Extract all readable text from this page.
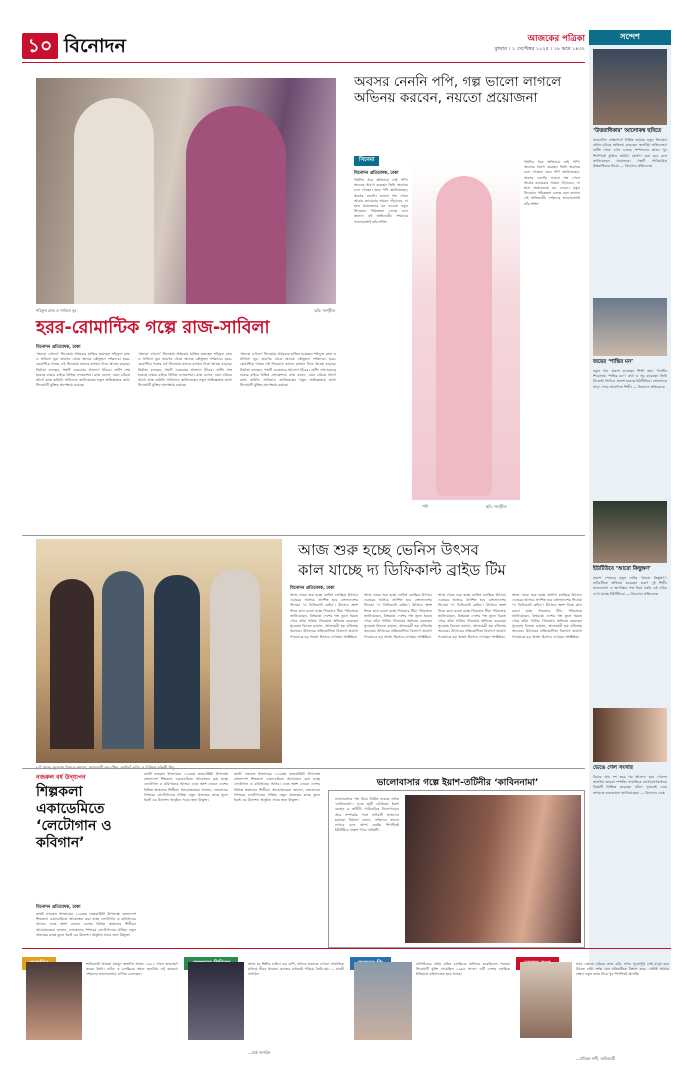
১০ বিনোদন	আজকের পত্রিকা
বুধবার । ২ সেপ্টেম্বর ২০২৫ । ১৮ ভাদ্র ১৪৩২
সন্দেশ
‘উত্তরাধিকার’ আলোকম্ব ছবিতে
সমকালীন প্রেক্ষাপটে নির্মিত হয়েছে নতুন সিনেমা। প্রধান চরিত্রে অভিনয় করেছেন জনপ্রিয় অভিনেতা। শুটিং শেষে এখন চলছে সম্পাদনার কাজ। খুব শিগগিরই মুক্তির তারিখ ঘোষণা করা হবে বলে জানিয়েছেন প্রযোজক। গল্পটি পারিবারিক উত্তরাধিকার নিয়ে। — বিনোদন প্রতিবেদক
জয়ের ‘শান্তির মন’
নতুন গান প্রকাশ করেছেন শিল্পী জয়। গানটির শিরোনাম ‘শান্তির মন’। কথা ও সুর করেছেন তিনি নিজেই। ভিডিও প্রকাশ হয়েছে ইউটিউবে। শ্রোতাদের সাড়া পেয়ে আনন্দিত শিল্পী। — বিনোদন প্রতিবেদক
ইউটিউবে ‘আরো কিছুক্ষণ’
প্রকাশ পেয়েছে নতুন নাটক ‘আরো কিছুক্ষণ’। নাটকটিতে অভিনয় করেছেন তরুণ দুই শিল্পী। ভালোবাসা ও অপেক্ষার গল্প নিয়ে তৈরি এই নাটক দেখা যাচ্ছে ইউটিউবে। — বিনোদন প্রতিবেদক
ভেঙে গেল সংসার
বিয়ের প্রায় দশ বছর পর আলাদা হয়ে গেলেন জনপ্রিয় তারকা দম্পতি। সামাজিক যোগাযোগমাধ্যমে বিষয়টি নিশ্চিত করেছেন তাঁরা। দুজনেই একে অপরকে শুভকামনা জানিয়েছেন। — বিনোদন ডেস্ক
শরিফুল রাজ ও সাবিলা নূর	ছবি: সংগৃহীত
হরর-রোমান্টিক গল্পে রাজ-সাবিলা
বিনোদন প্রতিবেদক, ঢাকা
‘অন্যরা এখনো’ সিনেমায় প্রথমবার হাজির হয়েছেন শরিফুল রাজ ও সাবিলা নূর। তারপর থেকে অনেক কৌতূহল দর্শকদের। হরর-রোমান্টিক গল্পের এই সিনেমায় তাদের রসায়ন নিয়ে আগ্রহ বাড়ছে। নির্মাতা বলছেন, গল্পটি একেবারে আলাদা ধাঁচের। শুটিং শেষ হয়েছে ঢাকার বাইরে বিভিন্ন লোকেশনে। রাজ বলেন, এমন চরিত্রে আগে কাজ করিনি। সাবিলাও জানিয়েছেন নতুন অভিজ্ঞতার কথা। সিনেমাটি মুক্তির অপেক্ষায় রয়েছে।
‘অন্যরা এখনো’ সিনেমায় প্রথমবার হাজির হয়েছেন শরিফুল রাজ ও সাবিলা নূর। তারপর থেকে অনেক কৌতূহল দর্শকদের। হরর-রোমান্টিক গল্পের এই সিনেমায় তাদের রসায়ন নিয়ে আগ্রহ বাড়ছে। নির্মাতা বলছেন, গল্পটি একেবারে আলাদা ধাঁচের। শুটিং শেষ হয়েছে ঢাকার বাইরে বিভিন্ন লোকেশনে। রাজ বলেন, এমন চরিত্রে আগে কাজ করিনি। সাবিলাও জানিয়েছেন নতুন অভিজ্ঞতার কথা। সিনেমাটি মুক্তির অপেক্ষায় রয়েছে।
‘অন্যরা এখনো’ সিনেমায় প্রথমবার হাজির হয়েছেন শরিফুল রাজ ও সাবিলা নূর। তারপর থেকে অনেক কৌতূহল দর্শকদের। হরর-রোমান্টিক গল্পের এই সিনেমায় তাদের রসায়ন নিয়ে আগ্রহ বাড়ছে। নির্মাতা বলছেন, গল্পটি একেবারে আলাদা ধাঁচের। শুটিং শেষ হয়েছে ঢাকার বাইরে বিভিন্ন লোকেশনে। রাজ বলেন, এমন চরিত্রে আগে কাজ করিনি। সাবিলাও জানিয়েছেন নতুন অভিজ্ঞতার কথা। সিনেমাটি মুক্তির অপেক্ষায় রয়েছে।
অবসর নেননি পপি, গল্প ভালো লাগলে অভিনয় করবেন, নয়তো প্রয়োজনা
সিনেমা
বিনোদন প্রতিবেদক, ঢাকা
দীর্ঘদিন ধরে অভিনয়ে নেই পপি। অনেকে ধারণা করছেন তিনি অবসরে চলে গেছেন। তবে পপি জানিয়েছেন, অবসর নেননি। ভালো গল্প পেলে আবার ক্যামেরার সামনে দাঁড়াবেন, না হলে প্রযোজনায় মন দেবেন। নতুন সিনেমার পরিকল্পনা চলছে বলে জানান এই অভিনেত্রী। দর্শকদের ভালোবাসাই তাঁর শক্তি।
পপি	ছবি: সংগৃহীত
দীর্ঘদিন ধরে অভিনয়ে নেই পপি। অনেকে ধারণা করছেন তিনি অবসরে চলে গেছেন। তবে পপি জানিয়েছেন, অবসর নেননি। ভালো গল্প পেলে আবার ক্যামেরার সামনে দাঁড়াবেন, না হলে প্রযোজনায় মন দেবেন। নতুন সিনেমার পরিকল্পনা চলছে বলে জানান এই অভিনেত্রী। দর্শকদের ভালোবাসাই তাঁর শক্তি।
আজ শুরু হচ্ছে ভেনিস উৎসব
কাল যাচ্ছে দ্য ডিফিকাল্ট ব্রাইড টিম
বিনোদন প্রতিবেদক, ঢাকা
আজ থেকে শুরু হচ্ছে ভেনিস চলচ্চিত্র উৎসব। এবারের আসরে প্রদর্শিত হবে বাংলাদেশের সিনেমা ‘দ্য ডিফিকাল্ট ব্রাইড’। উৎসবে অংশ নিতে কাল রওনা হচ্ছে সিনেমার টিম। পরিচালক জানিয়েছেন, বিশ্বমঞ্চে দেশের গল্প তুলে ধরতে পেরে তাঁরা গর্বিত। সিনেমায় অভিনয় করেছেন সুনেরাহ বিনতে কামাল, আজমেরী হক বাঁধনসহ অনেকে। উৎসবের প্রতিযোগিতা বিভাগে জায়গা পাওয়াকে বড় অর্জন হিসেবে দেখছেন সংশ্লিষ্টরা।
আজ থেকে শুরু হচ্ছে ভেনিস চলচ্চিত্র উৎসব। এবারের আসরে প্রদর্শিত হবে বাংলাদেশের সিনেমা ‘দ্য ডিফিকাল্ট ব্রাইড’। উৎসবে অংশ নিতে কাল রওনা হচ্ছে সিনেমার টিম। পরিচালক জানিয়েছেন, বিশ্বমঞ্চে দেশের গল্প তুলে ধরতে পেরে তাঁরা গর্বিত। সিনেমায় অভিনয় করেছেন সুনেরাহ বিনতে কামাল, আজমেরী হক বাঁধনসহ অনেকে। উৎসবের প্রতিযোগিতা বিভাগে জায়গা পাওয়াকে বড় অর্জন হিসেবে দেখছেন সংশ্লিষ্টরা।
আজ থেকে শুরু হচ্ছে ভেনিস চলচ্চিত্র উৎসব। এবারের আসরে প্রদর্শিত হবে বাংলাদেশের সিনেমা ‘দ্য ডিফিকাল্ট ব্রাইড’। উৎসবে অংশ নিতে কাল রওনা হচ্ছে সিনেমার টিম। পরিচালক জানিয়েছেন, বিশ্বমঞ্চে দেশের গল্প তুলে ধরতে পেরে তাঁরা গর্বিত। সিনেমায় অভিনয় করেছেন সুনেরাহ বিনতে কামাল, আজমেরী হক বাঁধনসহ অনেকে। উৎসবের প্রতিযোগিতা বিভাগে জায়গা পাওয়াকে বড় অর্জন হিসেবে দেখছেন সংশ্লিষ্টরা।
আজ থেকে শুরু হচ্ছে ভেনিস চলচ্চিত্র উৎসব। এবারের আসরে প্রদর্শিত হবে বাংলাদেশের সিনেমা ‘দ্য ডিফিকাল্ট ব্রাইড’। উৎসবে অংশ নিতে কাল রওনা হচ্ছে সিনেমার টিম। পরিচালক জানিয়েছেন, বিশ্বমঞ্চে দেশের গল্প তুলে ধরতে পেরে তাঁরা গর্বিত। সিনেমায় অভিনয় করেছেন সুনেরাহ বিনতে কামাল, আজমেরী হক বাঁধনসহ অনেকে। উৎসবের প্রতিযোগিতা বিভাগে জায়গা পাওয়াকে বড় অর্জন হিসেবে দেখছেন সংশ্লিষ্টরা।
নজরুল বর্ষ উদ্‌যাপন
শিল্পকলা একাডেমিতে ‘লেটোগান ও কবিগান’
বিনোদন প্রতিবেদক, ঢাকা
কাজী নজরুল ইসলামের ১২৬তম জন্মবার্ষিকী উপলক্ষে বাংলাদেশ শিল্পকলা একাডেমিতে আয়োজন করা হচ্ছে লেটোগান ও কবিগানের আসর। এতে অংশ নেবেন দেশের বিভিন্ন অঞ্চলের শিল্পীরা। আয়োজকেরা জানান, নজরুলের শৈশবের লেটোগানের ঐতিহ্য নতুন প্রজন্মের কাছে তুলে ধরাই এর উদ্দেশ্য। অনুষ্ঠান সবার জন্য উন্মুক্ত।
কাজী নজরুল ইসলামের ১২৬তম জন্মবার্ষিকী উপলক্ষে বাংলাদেশ শিল্পকলা একাডেমিতে আয়োজন করা হচ্ছে লেটোগান ও কবিগানের আসর। এতে অংশ নেবেন দেশের বিভিন্ন অঞ্চলের শিল্পীরা। আয়োজকেরা জানান, নজরুলের শৈশবের লেটোগানের ঐতিহ্য নতুন প্রজন্মের কাছে তুলে ধরাই এর উদ্দেশ্য। অনুষ্ঠান সবার জন্য উন্মুক্ত।
কাজী নজরুল ইসলামের ১২৬তম জন্মবার্ষিকী উপলক্ষে বাংলাদেশ শিল্পকলা একাডেমিতে আয়োজন করা হচ্ছে লেটোগান ও কবিগানের আসর। এতে অংশ নেবেন দেশের বিভিন্ন অঞ্চলের শিল্পীরা। আয়োজকেরা জানান, নজরুলের শৈশবের লেটোগানের ঐতিহ্য নতুন প্রজন্মের কাছে তুলে ধরাই এর উদ্দেশ্য। অনুষ্ঠান সবার জন্য উন্মুক্ত।
ভালোবাসার গল্পে ইয়াশ-তটিনীর ‘কাবিননামা’
ভালোবাসার গল্প নিয়ে নির্মিত হয়েছে নাটক ‘কাবিননামা’। এতে জুটি বেঁধেছেন ইয়াশ রোহান ও তটিনী। পারিবারিক টানাপোড়েন আর সম্পর্কের গল্পে নাটকটি সাজানো হয়েছে। নির্মাতা বলেন, দর্শকদের ভালো লাগবে বলে আশা করছি। শিগগিরই ইউটিউবে প্রকাশ পাবে নাটকটি।
অভিনেত্রী আলমা মাহমুদ জন্মদিন আজ। ১৯৮১ সালে জন্মগ্রহণ করেন তিনি। নাটক ও চলচ্চিত্রে সমান জনপ্রিয় এই তারকা। দর্শকদের ভালোবাসায় এগিয়ে চলেছেন।
আজ যে শিল্পীর চাহিদা বড় বেশি, তাঁদের অনেকে এখনো সামাজিক মাধ্যমে নীরব থাকেন। কাজের মাধ্যমেই পরিচয় তৈরি হয়। — কাজী নাসরিন
—মার্ক নাসরিন
ঢালিউডের প্রথম রঙিন চলচ্চিত্রে অভিনয় করেছিলেন শবনম। সিনেমাটি মুক্তি পেয়েছিল ১৯৬৪ সালে। এটি দেশের চলচ্চিত্র ইতিহাসে মাইলফলক হয়ে আছে।
যখন কোনো চরিত্রে কাজ করি, তখন পুরোপুরি সেই মানুষ হয়ে উঠতে চাই। দর্শক যেন চরিত্রটিকে বিশ্বাস করে, সেটাই আমার লক্ষ্য। নতুন কাজ নিয়ে খুব শিগগিরই আসছি।
—প্রতিভা নন্দী, অভিনেত্রী
